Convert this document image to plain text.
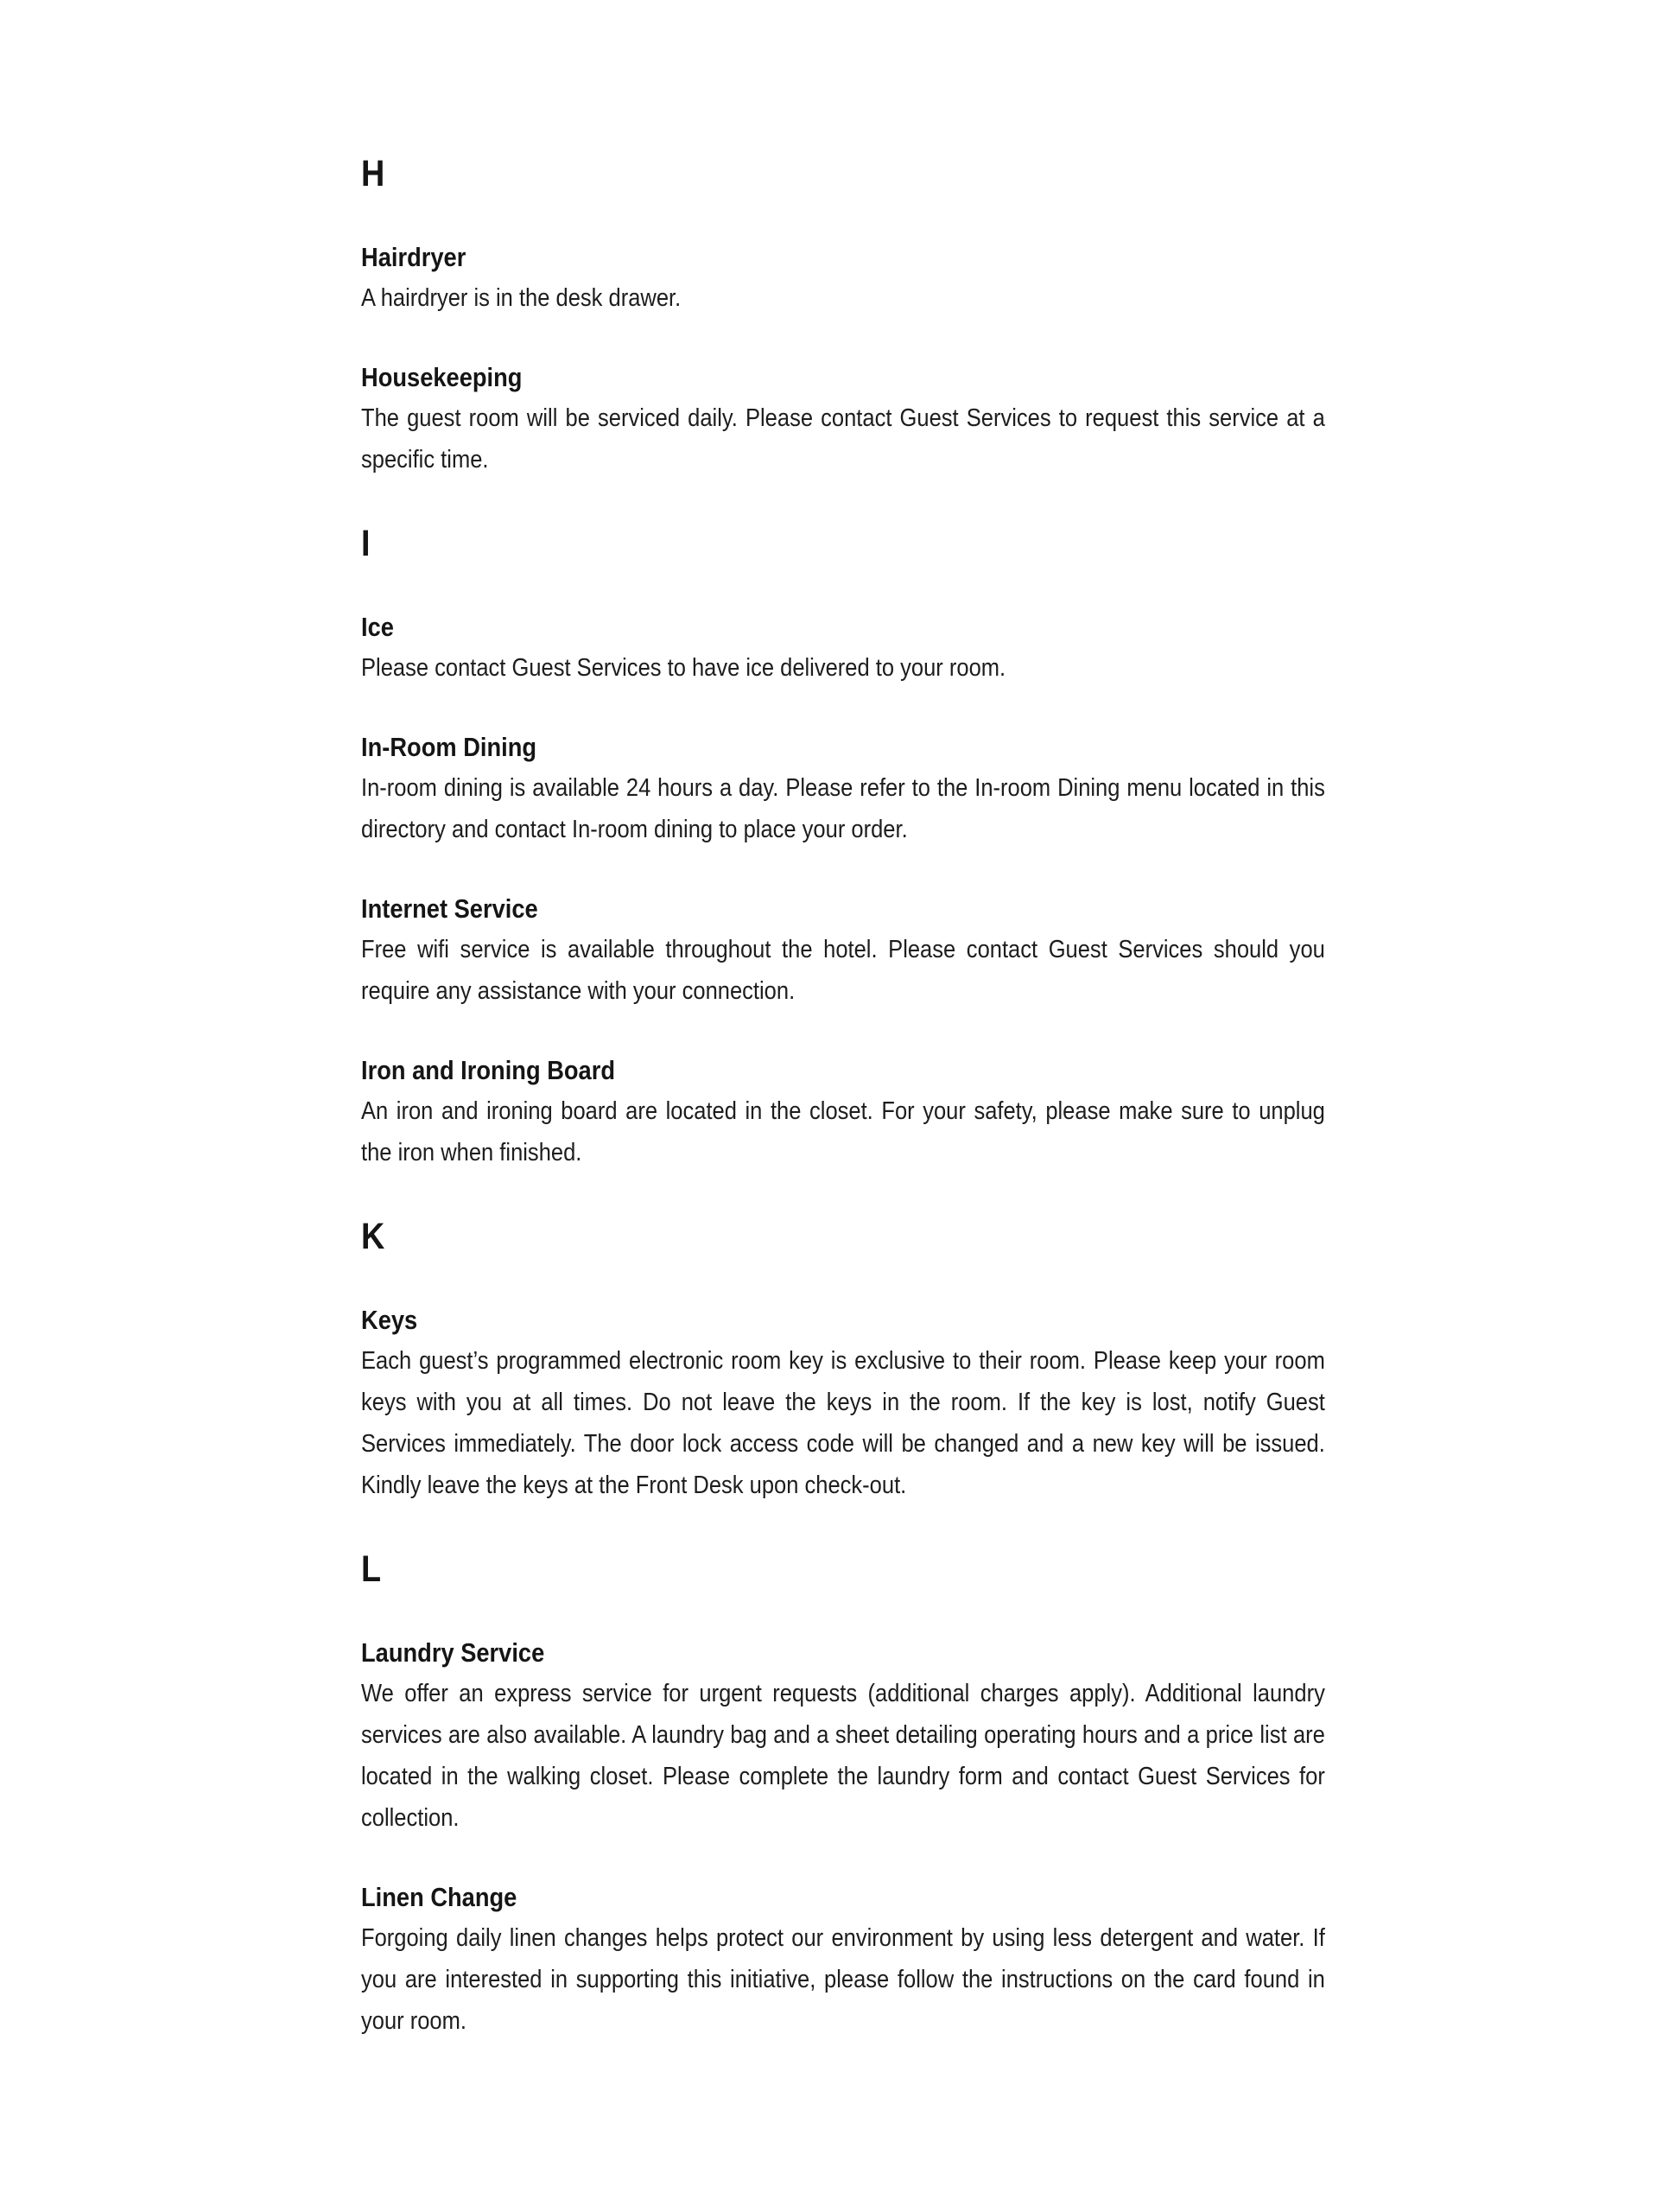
H
Hairdryer

A hairdryer is in the desk drawer.

Housekeeping

The guest room will be serviced daily. Please contact Guest Services to request this service at a specific time.

I
Ice

Please contact Guest Services to have ice delivered to your room.

In-Room Dining

In-room dining is available 24 hours a day. Please refer to the In-room Dining menu located in this directory and contact In-room dining to place your order.

Internet Service

Free wifi service is available throughout the hotel. Please contact Guest Services should you require any assistance with your connection.

Iron and Ironing Board

An iron and ironing board are located in the closet. For your safety, please make sure to unplug the iron when finished.

K
Keys

Each guest’s programmed electronic room key is exclusive to their room. Please keep your room keys with you at all times. Do not leave the keys in the room. If the key is lost, notify Guest Services immediately. The door lock access code will be changed and a new key will be issued. Kindly leave the keys at the Front Desk upon check-out.

L
Laundry Service

We offer an express service for urgent requests (additional charges apply). Additional laundry services are also available. A laundry bag and a sheet detailing operating hours and a price list are located in the walking closet. Please complete the laundry form and contact Guest Services for collection.

Linen Change

Forgoing daily linen changes helps protect our environment by using less detergent and water. If you are interested in supporting this initiative, please follow the instructions on the card found in your room.
